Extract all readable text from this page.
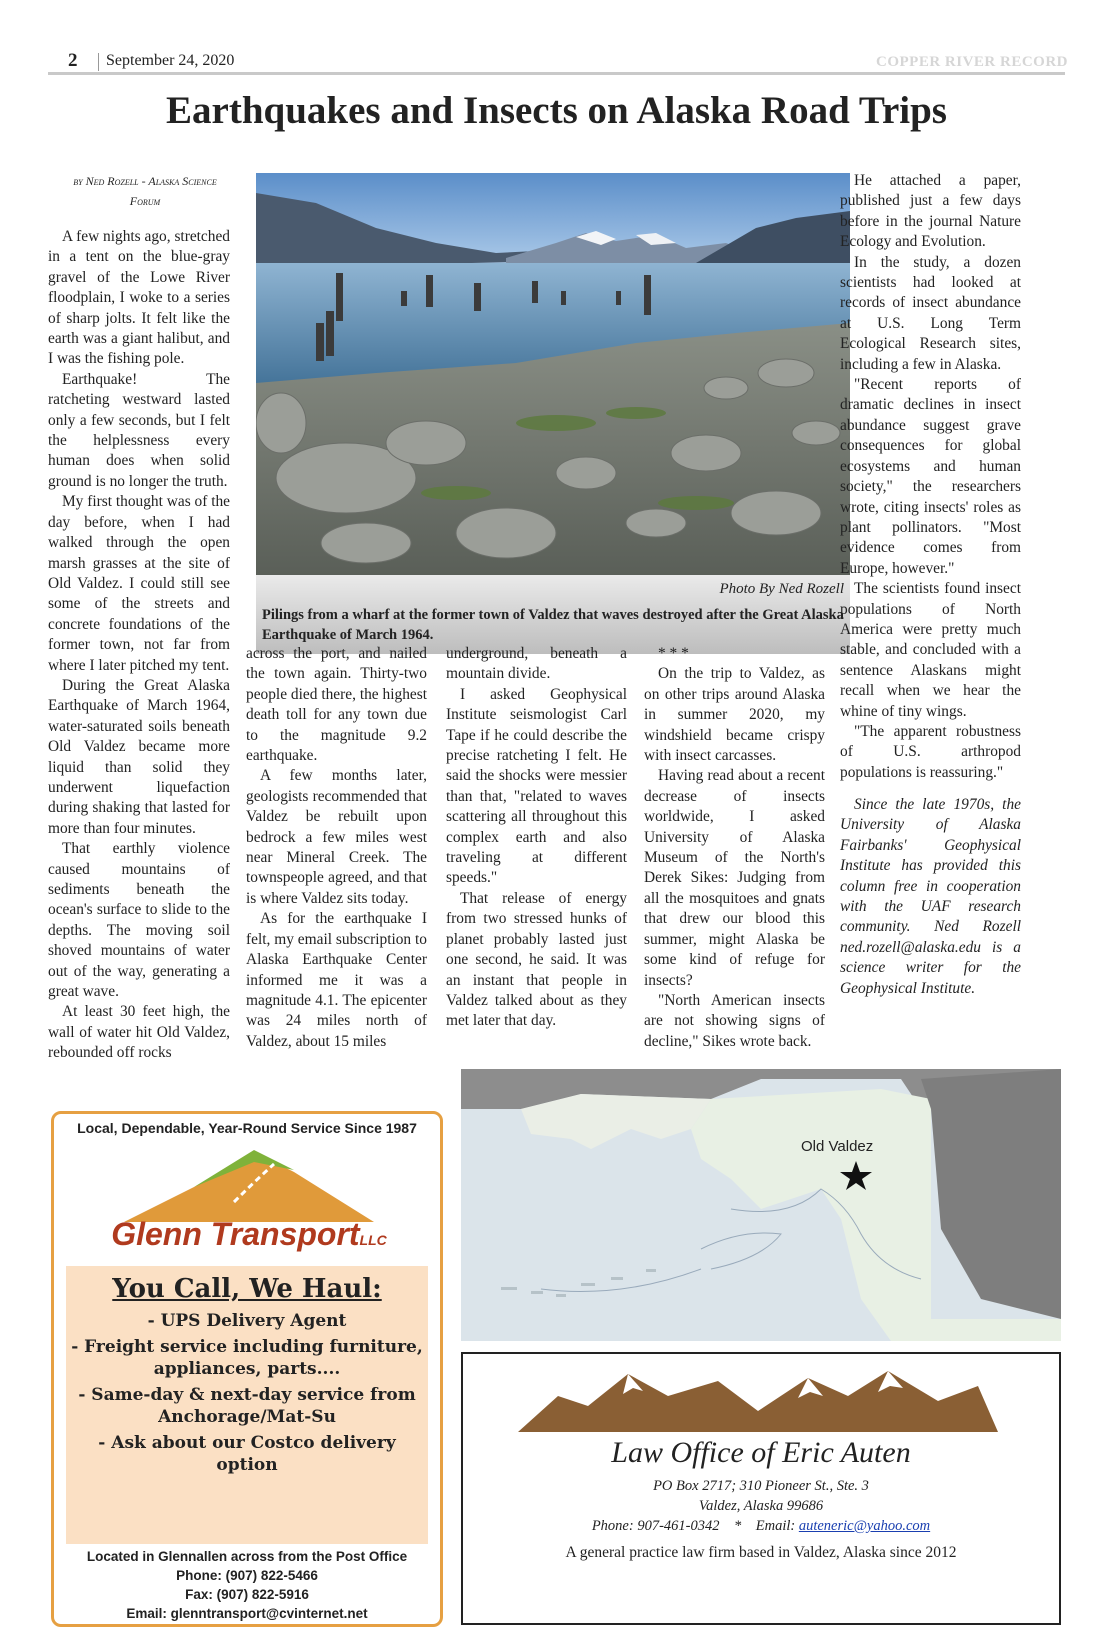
2 September 24, 2020	COPPER RIVER RECORD
Earthquakes and Insects on Alaska Road Trips
by Ned Rozell - Alaska Science Forum

A few nights ago, stretched in a tent on the blue-gray gravel of the Lowe River floodplain, I woke to a series of sharp jolts. It felt like the earth was a giant halibut, and I was the fishing pole.

Earthquake! The ratcheting westward lasted only a few seconds, but I felt the helplessness every human does when solid ground is no longer the truth.

My first thought was of the day before, when I had walked through the open marsh grasses at the site of Old Valdez. I could still see some of the streets and concrete foundations of the former town, not far from where I later pitched my tent.

During the Great Alaska Earthquake of March 1964, water-saturated soils beneath Old Valdez became more liquid than solid they underwent liquefaction during shaking that lasted for more than four minutes.

That earthly violence caused mountains of sediments beneath the ocean's surface to slide to the depths. The moving soil shoved mountains of water out of the way, generating a great wave.

At least 30 feet high, the wall of water hit Old Valdez, rebounded off rocks

Photo By Ned Rozell
Pilings from a wharf at the former town of Valdez that waves destroyed after the Great Alaska Earthquake of March 1964.

across the port, and nailed the town again. Thirty-two people died there, the highest death toll for any town due to the magnitude 9.2 earthquake.

A few months later, geologists recommended that Valdez be rebuilt upon bedrock a few miles west near Mineral Creek. The townspeople agreed, and that is where Valdez sits today.

As for the earthquake I felt, my email subscription to Alaska Earthquake Center informed me it was a magnitude 4.1. The epicenter was 24 miles north of Valdez, about 15 miles

underground, beneath a mountain divide.

I asked Geophysical Institute seismologist Carl Tape if he could describe the precise ratcheting I felt. He said the shocks were messier than that, "related to waves scattering all throughout this complex earth and also traveling at different speeds."

That release of energy from two stressed hunks of planet probably lasted just one second, he said. It was an instant that people in Valdez talked about as they met later that day.

* * *

On the trip to Valdez, as on other trips around Alaska in summer 2020, my windshield became crispy with insect carcasses.

Having read about a recent decrease of insects worldwide, I asked University of Alaska Museum of the North's Derek Sikes: Judging from all the mosquitoes and gnats that drew our blood this summer, might Alaska be some kind of refuge for insects?

"North American insects are not showing signs of decline," Sikes wrote back.

He attached a paper, published just a few days before in the journal Nature Ecology and Evolution.

In the study, a dozen scientists had looked at records of insect abundance at U.S. Long Term Ecological Research sites, including a few in Alaska.

"Recent reports of dramatic declines in insect abundance suggest grave consequences for global ecosystems and human society," the researchers wrote, citing insects' roles as plant pollinators. "Most evidence comes from Europe, however."

The scientists found insect populations of North America were pretty much stable, and concluded with a sentence Alaskans might recall when we hear the whine of tiny wings.

"The apparent robustness of U.S. arthropod populations is reassuring."

Since the late 1970s, the University of Alaska Fairbanks' Geophysical Institute has provided this column free in cooperation with the UAF research community. Ned Rozell ned.rozell@alaska.edu is a science writer for the Geophysical Institute.

Old Valdez
Local, Dependable, Year-Round Service Since 1987
Glenn TransportLLC
You Call, We Haul:
- UPS Delivery Agent
- Freight service including furniture, appliances, parts....
- Same-day & next-day service from Anchorage/Mat-Su
- Ask about our Costco delivery option
Located in Glennallen across from the Post Office
Phone: (907) 822-5466
Fax: (907) 822-5916
Email: glenntransport@cvinternet.net
Law Office of Eric Auten
PO Box 2717; 310 Pioneer St., Ste. 3
Valdez, Alaska 99686
Phone: 907-461-0342 * Email: auteneric@yahoo.com
A general practice law firm based in Valdez, Alaska since 2012
